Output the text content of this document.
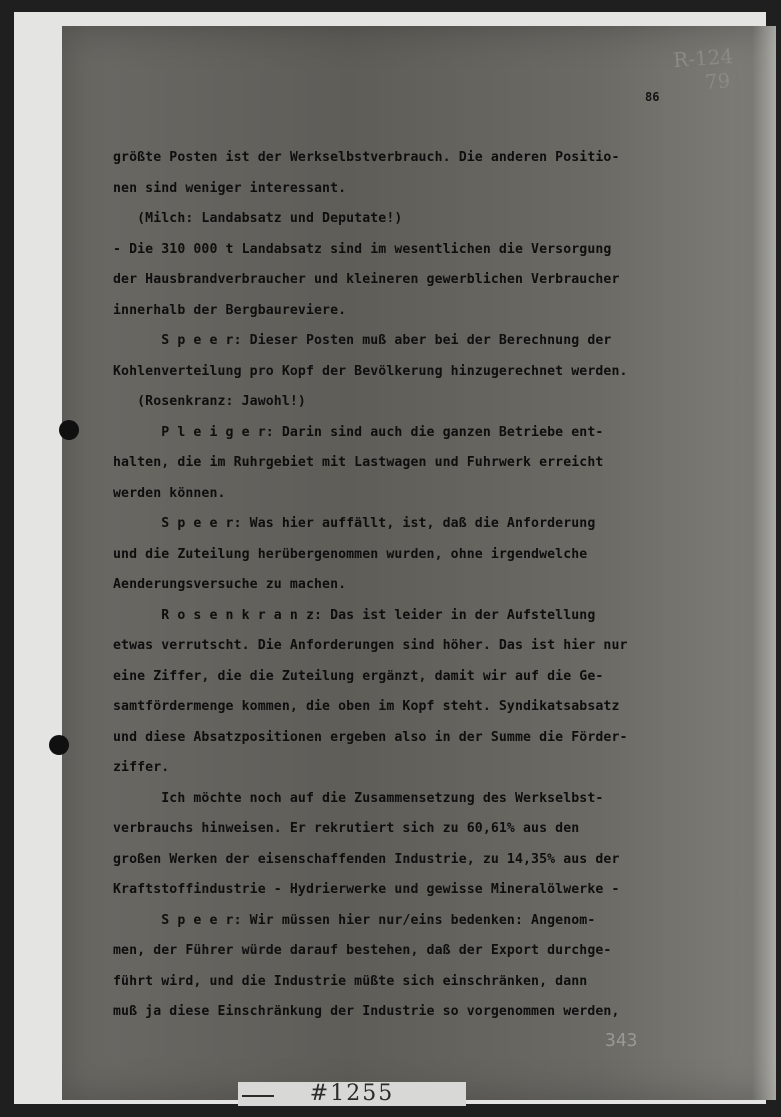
R-124
79
86
größte Posten ist der Werkselbstverbrauch. Die anderen Positio-
nen sind weniger interessant.
(Milch: Landabsatz und Deputate!)
- Die 310 000 t Landabsatz sind im wesentlichen die Versorgung
der Hausbrandverbraucher und kleineren gewerblichen Verbraucher
innerhalb der Bergbaureviere.
S p e e r: Dieser Posten muß aber bei der Berechnung der
Kohlenverteilung pro Kopf der Bevölkerung hinzugerechnet werden.
(Rosenkranz: Jawohl!)
P l e i g e r: Darin sind auch die ganzen Betriebe ent-
halten, die im Ruhrgebiet mit Lastwagen und Fuhrwerk erreicht
werden können.
S p e e r: Was hier auffällt, ist, daß die Anforderung
und die Zuteilung herübergenommen wurden, ohne irgendwelche
Aenderungsversuche zu machen.
R o s e n k r a n z: Das ist leider in der Aufstellung
etwas verrutscht. Die Anforderungen sind höher. Das ist hier nur
eine Ziffer, die die Zuteilung ergänzt, damit wir auf die Ge-
samtfördermenge kommen, die oben im Kopf steht. Syndikatsabsatz
und diese Absatzpositionen ergeben also in der Summe die Förder-
ziffer.
Ich möchte noch auf die Zusammensetzung des Werkselbst-
verbrauchs hinweisen. Er rekrutiert sich zu 60,61% aus den
großen Werken der eisenschaffenden Industrie, zu 14,35% aus der
Kraftstoffindustrie - Hydrierwerke und gewisse Mineralölwerke -
S p e e r: Wir müssen hier nur/eins bedenken: Angenom-
men, der Führer würde darauf bestehen, daß der Export durchge-
führt wird, und die Industrie müßte sich einschränken, dann
muß ja diese Einschränkung der Industrie so vorgenommen werden,
343
#1255
